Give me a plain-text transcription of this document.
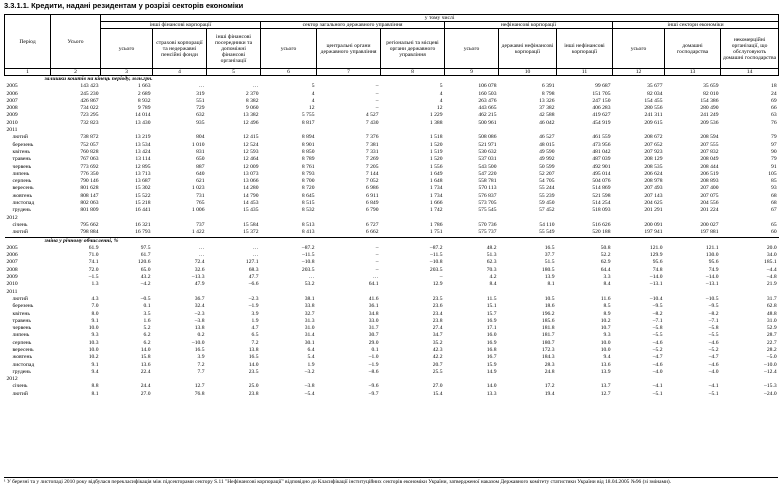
3.3.1.1. Кредити, надані резидентам у розрізі секторів економіки
Період	Усього	у тому числі											
		інші фінансові корпорації			сектор загального державного управління			нефінансові корпорації			інші сектори економіки		
		усього	страхові корпорації та недержавні пенсійні фонди	інші фінансові посередники та допоміжні фінансові організації	усього	центральні органи державного управління	регіональні та місцеві органи державного управління	усього	державні нефінансові корпорації	інші нефінансові корпорації	усього	домашні господарства	некомерційні організації, що обслуговують домашні господарства
1	2	3	4	5	6	7	8	9	10	11	12	13	14
залишки коштів на кінець періоду, млн.грн.													
2005	143 423	1 663	…	…	5	–	5	106 078	6 391	99 687	35 677	35 659	18
2006	245 230	2 689	319	2 370	4	–	4	160 503	8 798	151 705	82 034	82 010	24
2007	426 867	8 932	551	8 382	4	–	4	263 476	13 326	247 150	154 455	154 386	69
2008	734 022	9 789	729	9 060	12	–	12	443 665	37 382	406 283	280 556	280 490	66
2009	723 295	14 014	632	13 382	5 755	4 527	1 229	462 215	42 588	419 627	241 311	241 249	63
2010	732 823	13 430	935	12 496	8 817	7 430	1 388	500 961	46 042	454 919	209 615	209 536	76
2011													
лютий	738 872	13 219	804	12 415	8 894	7 376	1 518	508 086	46 527	461 559	208 672	208 594	79
березень	752 057	13 534	1 010	12 524	8 901	7 381	1 520	521 971	48 015	473 956	207 652	207 555	97
квітень	760 828	13 424	831	12 593	8 850	7 331	1 519	530 632	49 590	481 042	207 923	207 832	90
травень	767 063	13 114	650	12 464	8 789	7 269	1 520	537 031	49 992	487 039	208 129	208 049	79
червень	773 692	12 895	887	12 009	8 761	7 205	1 556	543 500	50 599	492 901	208 535	208 444	91
липень	776 350	13 713	640	13 073	8 793	7 144	1 649	547 220	52 207	495 014	206 624	206 519	105
серпень	790 146	13 687	621	13 066	8 700	7 052	1 648	558 781	54 705	504 076	208 978	208 893	85
вересень	801 628	15 302	1 023	14 280	8 720	6 986	1 734	570 113	55 244	514 869	207 493	207 400	93
жовтень	808 147	15 522	731	14 790	8 645	6 911	1 734	576 837	55 239	521 598	207 143	207 075	68
листопад	802 063	15 218	765	14 453	8 515	6 849	1 666	573 705	59 450	514 254	204 625	204 556	68
грудень	801 809	16 441	1 006	15 435	8 532	6 790	1 742	575 545	57 452	518 093	201 291	201 224	67
2012													
січень	795 662	16 321	737	15 584	8 513	6 727	1 786	570 736	54 110	516 626	200 091	200 027	65
лютий	798 884	16 793	1 422	15 372	8 413	6 662	1 751	575 737	55 549	520 188	197 941	197 881	60
зміна у річному обчисленні, %													
2005	61.9	97.5	…	…	–87.2	–	–87.2	48.2	16.5	50.8	121.0	121.1	20.0
2006	71.0	61.7	…	…	–11.5	–	–11.5	51.3	37.7	52.2	129.9	130.0	34.0
2007	74.1	120.6	72.4	127.1	–10.8	–	–10.8	62.3	51.5	62.9	95.6	95.6	185.1
2008	72.0	65.0	32.6	68.3	203.5	–	203.5	70.3	180.5	64.4	74.8	74.9	–4.4
2009	–1.5	43.2	–13.3	47.7	…	…	–	4.2	13.9	3.3	–14.0	–14.0	–4.8
2010	1.3	–4.2	47.9	–6.6	53.2	64.1	12.9	8.4	8.1	8.4	–13.1	–13.1	21.9
2011													
лютий	4.3	–0.5	36.7	–2.3	38.1	41.6	23.5	11.5	10.5	11.6	–10.4	–10.5	31.7
березень	7.0	0.1	32.4	–1.9	33.8	36.1	23.6	15.1	18.6	8.5	–9.5	–9.5	62.8
квітень	8.0	3.5	–2.3	3.9	32.7	34.8	23.4	15.7	196.2	8.9	–8.2	–8.2	48.8
травень	9.1	1.6	–3.8	1.9	31.3	33.0	23.8	16.9	185.6	10.2	–7.1	–7.1	31.0
червень	10.0	5.2	13.8	4.7	31.0	31.7	27.4	17.1	181.8	10.7	–5.8	–5.8	52.9
липень	9.3	6.2	0.2	6.5	31.4	30.7	34.7	16.0	181.7	9.3	–5.5	–5.5	28.7
серпень	10.3	6.2	–10.0	7.2	30.1	29.0	35.2	16.9	180.7	10.0	–4.6	–4.6	22.7
вересень	10.0	14.0	16.5	13.8	6.4	0.1	42.3	16.8	172.3	10.0	–5.2	–5.2	28.2
жовтень	10.2	15.8	3.9	16.5	5.4	–1.0	42.2	16.7	184.3	9.4	–4.7	–4.7	–5.0
листопад	9.1	13.6	7.2	14.0	1.9	–1.9	20.7	15.9	28.3	13.6	–4.6	–4.6	–10.0
грудень	9.4	22.4	7.7	23.5	–3.2	–8.6	25.5	14.9	24.8	13.9	–4.0	–4.0	–12.4
2012													
січень	8.8	24.4	12.7	25.0	–3.8	–9.6	27.0	14.0	17.2	13.7	–4.1	–4.1	–15.3
лютий	8.1	27.0	76.8	23.8	–5.4	–9.7	15.4	13.3	19.4	12.7	–5.1	–5.1	–24.0
¹ У березні та у листопаді 2010 року відбулася перекласифікація між підсекторами сектору S.11 "Нефінансові корпорації" відповідно до Класифікації інституційних секторів економіки України, затвердженої наказом Державного комітету статистики України від 18.04.2005 №96 (зі змінами).
